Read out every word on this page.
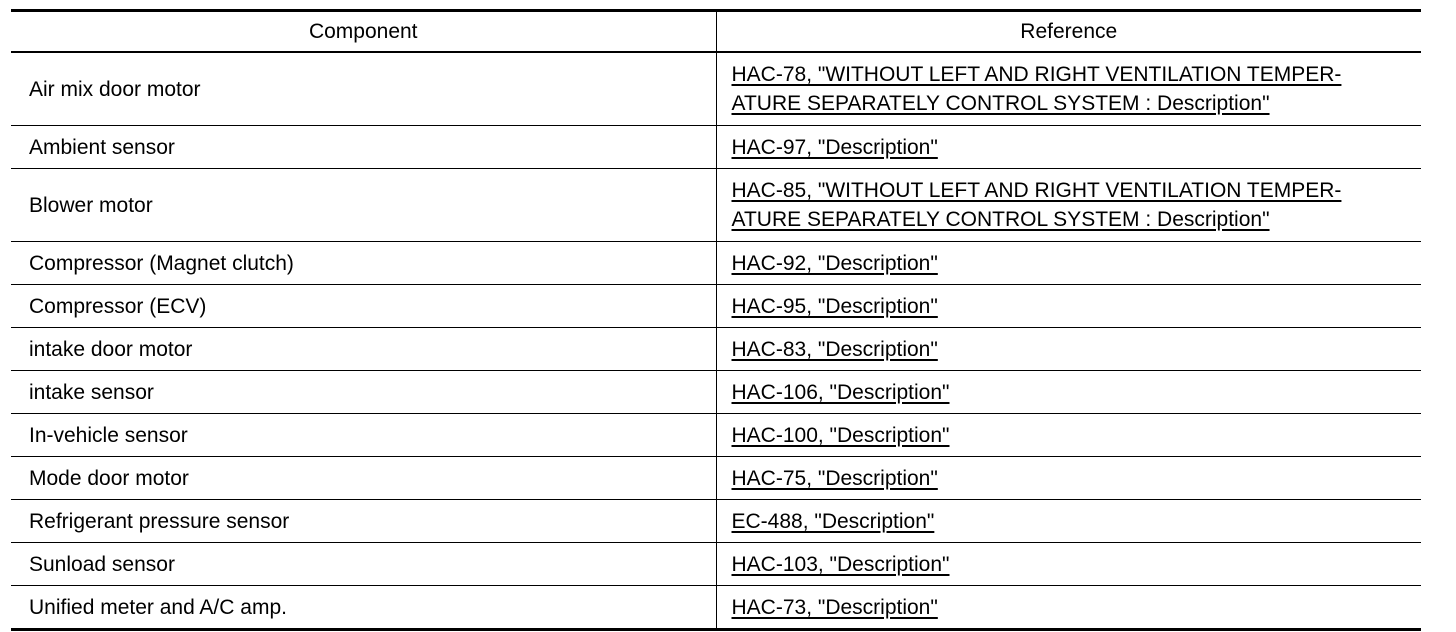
Component	Reference
Air mix door motor	HAC-78, "WITHOUT LEFT AND RIGHT VENTILATION TEMPER-
ATURE SEPARATELY CONTROL SYSTEM : Description"
Ambient sensor	HAC-97, "Description"
Blower motor	HAC-85, "WITHOUT LEFT AND RIGHT VENTILATION TEMPER-
ATURE SEPARATELY CONTROL SYSTEM : Description"
Compressor (Magnet clutch)	HAC-92, "Description"
Compressor (ECV)	HAC-95, "Description"
intake door motor	HAC-83, "Description"
intake sensor	HAC-106, "Description"
In-vehicle sensor	HAC-100, "Description"
Mode door motor	HAC-75, "Description"
Refrigerant pressure sensor	EC-488, "Description"
Sunload sensor	HAC-103, "Description"
Unified meter and A/C amp.	HAC-73, "Description"
